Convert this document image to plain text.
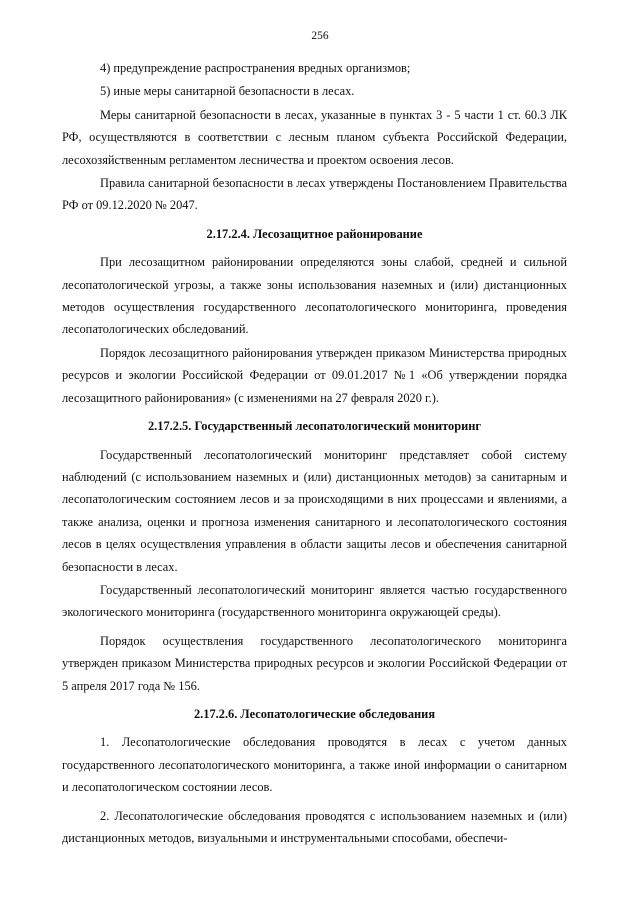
256

4) предупреждение распространения вредных организмов;

5) иные меры санитарной безопасности в лесах.

Меры санитарной безопасности в лесах, указанные в пунктах 3 - 5 части 1 ст. 60.3 ЛК РФ, осуществляются в соответствии с лесным планом субъекта Российской Федерации, лесохозяйственным регламентом лесничества и проектом освоения лесов.

Правила санитарной безопасности в лесах утверждены Постановлением Правительства РФ от 09.12.2020 № 2047.

2.17.2.4. Лесозащитное районирование

При лесозащитном районировании определяются зоны слабой, средней и сильной лесопатологической угрозы, а также зоны использования наземных и (или) дистанционных методов осуществления государственного лесопатологического мониторинга, проведения лесопатологических обследований.

Порядок лесозащитного районирования утвержден приказом Министерства природных ресурсов и экологии Российской Федерации от 09.01.2017 №1 «Об утверждении порядка лесозащитного районирования» (с изменениями на 27 февраля 2020 г.).

2.17.2.5. Государственный лесопатологический мониторинг

Государственный лесопатологический мониторинг представляет собой систему наблюдений (с использованием наземных и (или) дистанционных методов) за санитарным и лесопатологическим состоянием лесов и за происходящими в них процессами и явлениями, а также анализа, оценки и прогноза изменения санитарного и лесопатологического состояния лесов в целях осуществления управления в области защиты лесов и обеспечения санитарной безопасности в лесах.

Государственный лесопатологический мониторинг является частью государственного экологического мониторинга (государственного мониторинга окружающей среды).

Порядок осуществления государственного лесопатологического мониторинга утвержден приказом Министерства природных ресурсов и экологии Российской Федерации от 5 апреля 2017 года № 156.

2.17.2.6. Лесопатологические обследования

1. Лесопатологические обследования проводятся в лесах с учетом данных государственного лесопатологического мониторинга, а также иной информации о санитарном и лесопатологическом состоянии лесов.

2. Лесопатологические обследования проводятся с использованием наземных и (или) дистанционных методов, визуальными и инструментальными способами, обеспечи-
